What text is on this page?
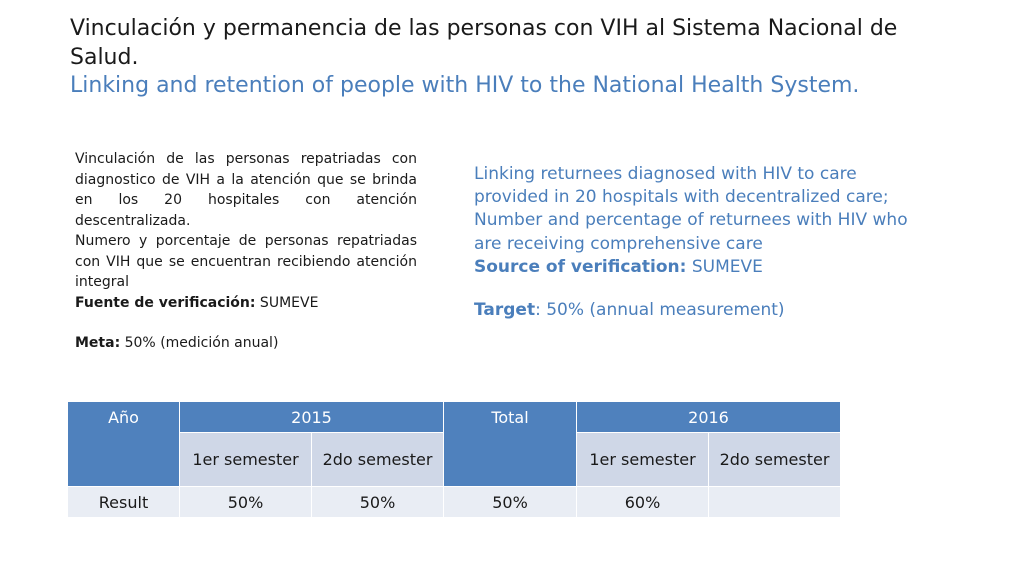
Vinculación y permanencia de las personas con VIH al Sistema Nacional de Salud.
Linking and retention of people with HIV to the National Health System.

Vinculación de las personas repatriadas con diagnostico de VIH a la atención que se brinda en los 20 hospitales con atención descentralizada.

Numero y porcentaje de personas repatriadas con VIH que se encuentran recibiendo atención integral

Fuente de verificación: SUMEVE

Meta: 50% (medición anual)

Linking returnees diagnosed with HIV to care

provided in 20 hospitals with decentralized care;

Number and percentage of returnees with HIV who

are receiving comprehensive care

Source of verification: SUMEVE

Target: 50% (annual measurement)

Año	2015		Total	2016	
	1er semester	2do semester		1er semester	2do semester
Result	50%	50%	50%	60%	
